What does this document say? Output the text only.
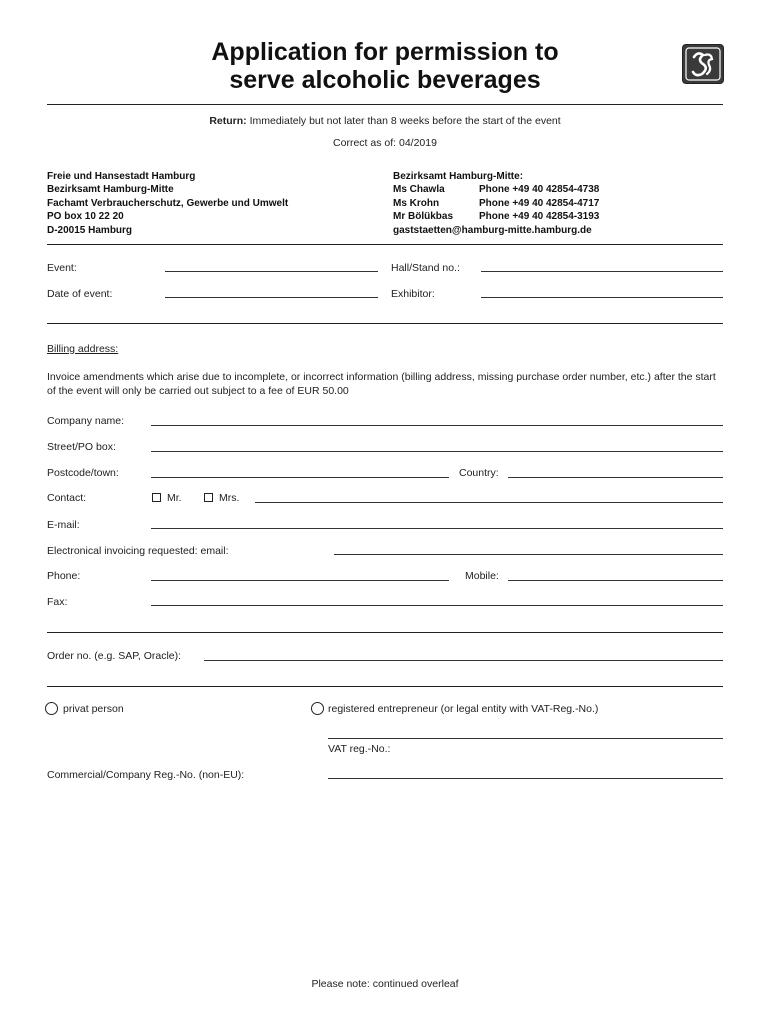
Application for permission to
serve alcoholic beverages
Return: Immediately but not later than 8 weeks before the start of the event
Correct as of: 04/2019
Freie und Hansestadt Hamburg
Bezirksamt Hamburg-Mitte
Fachamt Verbraucherschutz, Gewerbe und Umwelt
PO box 10 22 20
D-20015 Hamburg
Bezirksamt Hamburg-Mitte:
Ms Chawla	Phone +49 40 42854-4738
Ms Krohn	Phone +49 40 42854-4717
Mr Bölükbas	Phone +49 40 42854-3193
gaststaetten@hamburg-mitte.hamburg.de
Event:	Hall/Stand no.:
Date of event:	Exhibitor:
Billing address:
Invoice amendments which arise due to incomplete, or incorrect information (billing address, missing purchase order number, etc.) after the start of the event will only be carried out subject to a fee of EUR 50.00
Company name:
Street/PO box:
Postcode/town:	Country:
Contact:	Mr.	Mrs.
E-mail:
Electronical invoicing requested: email:
Phone:	Mobile:
Fax:
Order no. (e.g. SAP, Oracle):
privat person	registered entrepreneur (or legal entity with VAT-Reg.-No.)
VAT reg.-No.:
Commercial/Company Reg.-No. (non-EU):
Please note: continued overleaf
